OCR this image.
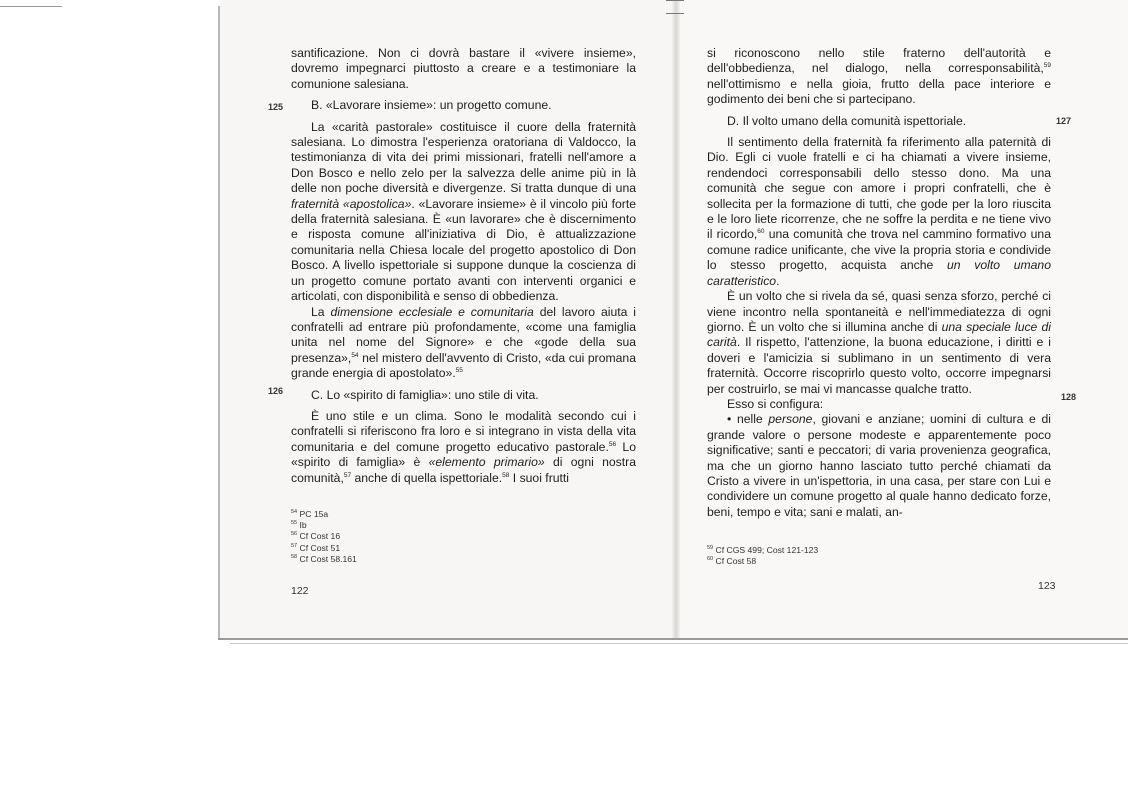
santificazione. Non ci dovrà bastare il «vivere insieme», dovremo impegnarci piuttosto a creare e a testimoniare la comunione salesiana.

B. «Lavorare insieme»: un progetto comune.

La «carità pastorale» costituisce il cuore della fraternità salesiana. Lo dimostra l'esperienza oratoriana di Valdocco, la testimonianza di vita dei primi missionari, fratelli nell'amore a Don Bosco e nello zelo per la salvezza delle anime più in là delle non poche diversità e divergenze. Si tratta dunque di una fraternità «apostolica». «Lavorare insieme» è il vincolo più forte della fraternità salesiana. È «un lavorare» che è discernimento e risposta comune all'iniziativa di Dio, è attualizzazione comunitaria nella Chiesa locale del progetto apostolico di Don Bosco. A livello ispettoriale si suppone dunque la coscienza di un progetto comune portato avanti con interventi organici e articolati, con disponibilità e senso di obbedienza.

La dimensione ecclesiale e comunitaria del lavoro aiuta i confratelli ad entrare più profondamente, «come una famiglia unita nel nome del Signore» e che «gode della sua presenza»,$^{54}$ nel mistero dell'avvento di Cristo, «da cui promana grande energia di apostolato».$^{55}$

C. Lo «spirito di famiglia»: uno stile di vita.

È uno stile e un clima. Sono le modalità secondo cui i confratelli si riferiscono fra loro e si integrano in vista della vita comunitaria e del comune progetto educativo pastorale.$^{56}$ Lo «spirito di famiglia» è «elemento primario» di ogni nostra comunità,$^{57}$ anche di quella ispettoriale.$^{58}$ I suoi frutti

125
126
$^{54}$ PC 15a
$^{55}$ Ib
$^{56}$ Cf Cost 16
$^{57}$ Cf Cost 51
$^{58}$ Cf Cost 58.161
122

si riconoscono nello stile fraterno dell'autorità e dell'obbedienza, nel dialogo, nella corresponsabilità,$^{59}$ nell'ottimismo e nella gioia, frutto della pace interiore e godimento dei beni che si partecipano.

D. Il volto umano della comunità ispettoriale.

Il sentimento della fraternità fa riferimento alla paternità di Dio. Egli ci vuole fratelli e ci ha chiamati a vivere insieme, rendendoci corresponsabili dello stesso dono. Ma una comunità che segue con amore i propri confratelli, che è sollecita per la formazione di tutti, che gode per la loro riuscita e le loro liete ricorrenze, che ne soffre la perdita e ne tiene vivo il ricordo,$^{60}$ una comunità che trova nel cammino formativo una comune radice unificante, che vive la propria storia e condivide lo stesso progetto, acquista anche un volto umano caratteristico.

È un volto che si rivela da sé, quasi senza sforzo, perché ci viene incontro nella spontaneità e nell'immediatezza di ogni giorno. È un volto che si illumina anche di una speciale luce di carità. Il rispetto, l'attenzione, la buona educazione, i diritti e i doveri e l'amicizia si sublimano in un sentimento di vera fraternità. Occorre riscoprirlo questo volto, occorre impegnarsi per costruirlo, se mai vi mancasse qualche tratto.

Esso si configura:

• nelle persone, giovani e anziane; uomini di cultura e di grande valore o persone modeste e apparentemente poco significative; santi e peccatori; di varia provenienza geografica, ma che un giorno hanno lasciato tutto perché chiamati da Cristo a vivere in un'ispettoria, in una casa, per stare con Lui e condividere un comune progetto al quale hanno dedicato forze, beni, tempo e vita; sani e malati, an-

127
128
$^{59}$ Cf CGS 499; Cost 121-123
$^{60}$ Cf Cost 58
123
